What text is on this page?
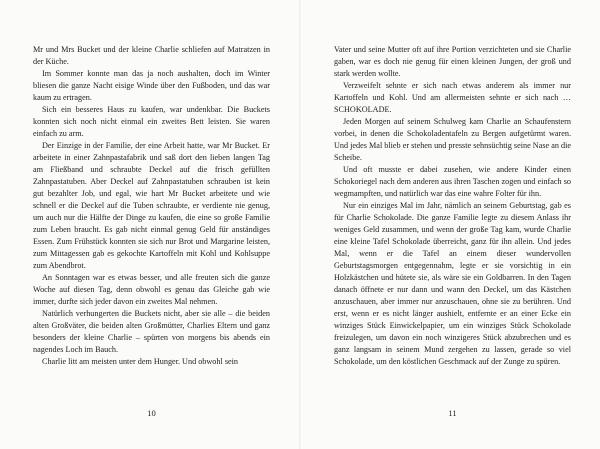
Mr und Mrs Bucket und der kleine Charlie schliefen auf Matratzen in der Küche.

Im Sommer konnte man das ja noch aushalten, doch im Winter bliesen die ganze Nacht eisige Winde über den Fußboden, und das war kaum zu ertragen.

Sich ein besseres Haus zu kaufen, war undenkbar. Die Buckets konnten sich noch nicht einmal ein zweites Bett leisten. Sie waren einfach zu arm.

Der Einzige in der Familie, der eine Arbeit hatte, war Mr Bucket. Er arbeitete in einer Zahnpastafabrik und saß dort den lieben langen Tag am Fließband und schraubte Deckel auf die frisch gefüllten Zahnpastatuben. Aber Deckel auf Zahnpastatuben schrauben ist kein gut bezahlter Job, und egal, wie hart Mr Bucket arbeitete und wie schnell er die Deckel auf die Tuben schraubte, er verdiente nie genug, um auch nur die Hälfte der Dinge zu kaufen, die eine so große Familie zum Leben braucht. Es gab nicht einmal genug Geld für anständiges Essen. Zum Frühstück konnten sie sich nur Brot und Margarine leisten, zum Mittagessen gab es gekochte Kartoffeln mit Kohl und Kohlsuppe zum Abendbrot.

An Sonntagen war es etwas besser, und alle freuten sich die ganze Woche auf diesen Tag, denn obwohl es genau das Gleiche gab wie immer, durfte sich jeder davon ein zweites Mal nehmen.

Natürlich verhungerten die Buckets nicht, aber sie alle – die beiden alten Großväter, die beiden alten Großmütter, Charlies Eltern und ganz besonders der kleine Charlie – spürten von morgens bis abends ein nagendes Loch im Bauch.

Charlie litt am meisten unter dem Hunger. Und obwohl sein

10

Vater und seine Mutter oft auf ihre Portion verzichteten und sie Charlie gaben, war es doch nie genug für einen kleinen Jungen, der groß und stark werden wollte.

Verzweifelt sehnte er sich nach etwas anderem als immer nur Kartoffeln und Kohl. Und am allermeisten sehnte er sich nach … SCHOKOLADE.

Jeden Morgen auf seinem Schulweg kam Charlie an Schaufenstern vorbei, in denen die Schokoladentafeln zu Bergen aufgetürmt waren. Und jedes Mal blieb er stehen und presste sehnsüchtig seine Nase an die Scheibe.

Und oft musste er dabei zusehen, wie andere Kinder einen Schokoriegel nach dem anderen aus ihren Taschen zogen und einfach so wegmampften, und natürlich war das eine wahre Folter für ihn.

Nur ein einziges Mal im Jahr, nämlich an seinem Geburtstag, gab es für Charlie Schokolade. Die ganze Familie legte zu diesem Anlass ihr weniges Geld zusammen, und wenn der große Tag kam, wurde Charlie eine kleine Tafel Schokolade überreicht, ganz für ihn allein. Und jedes Mal, wenn er die Tafel an einem dieser wundervollen Geburtstagsmorgen entgegennahm, legte er sie vorsichtig in ein Holzkästchen und hütete sie, als wäre sie ein Goldbarren. In den Tagen danach öffnete er nur dann und wann den Deckel, um das Kästchen anzuschauen, aber immer nur anzuschauen, ohne sie zu berühren. Und erst, wenn er es nicht länger aushielt, entfernte er an einer Ecke ein winziges Stück Einwickelpapier, um ein winziges Stück Schokolade freizulegen, um davon ein noch winzigeres Stück abzubrechen und es ganz langsam in seinem Mund zergehen zu lassen, gerade so viel Schokolade, um den köstlichen Geschmack auf der Zunge zu spüren.

11
